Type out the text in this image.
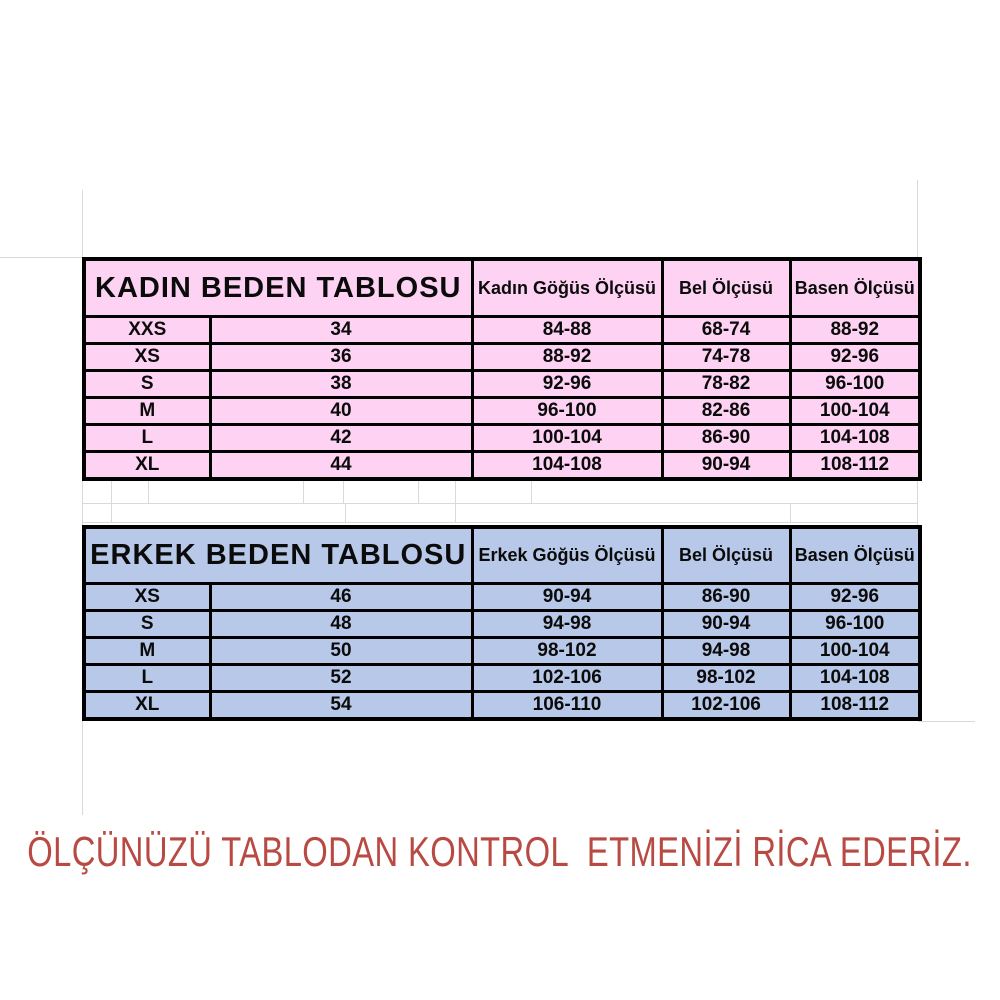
KADIN BEDEN TABLOSU		Kadın Göğüs Ölçüsü	Bel Ölçüsü	Basen Ölçüsü
XXS	34	84-88	68-74	88-92
XS	36	88-92	74-78	92-96
S	38	92-96	78-82	96-100
M	40	96-100	82-86	100-104
L	42	100-104	86-90	104-108
XL	44	104-108	90-94	108-112
ERKEK BEDEN TABLOSU		Erkek Göğüs Ölçüsü	Bel Ölçüsü	Basen Ölçüsü
XS	46	90-94	86-90	92-96
S	48	94-98	90-94	96-100
M	50	98-102	94-98	100-104
L	52	102-106	98-102	104-108
XL	54	106-110	102-106	108-112
ÖLÇÜNÜZÜ TABLODAN KONTROL  ETMENİZİ RİCA EDERİZ.
